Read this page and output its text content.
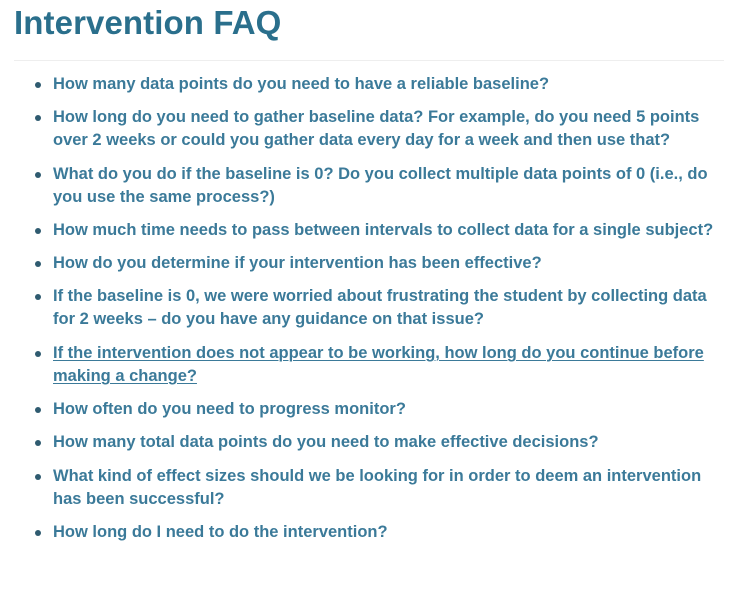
Intervention FAQ
How many data points do you need to have a reliable baseline?
How long do you need to gather baseline data? For example, do you need 5 points over 2 weeks or could you gather data every day for a week and then use that?
What do you do if the baseline is 0? Do you collect multiple data points of 0 (i.e., do you use the same process?)
How much time needs to pass between intervals to collect data for a single subject?
How do you determine if your intervention has been effective?
If the baseline is 0, we were worried about frustrating the student by collecting data for 2 weeks – do you have any guidance on that issue?
If the intervention does not appear to be working, how long do you continue before making a change?
How often do you need to progress monitor?
How many total data points do you need to make effective decisions?
What kind of effect sizes should we be looking for in order to deem an intervention has been successful?
How long do I need to do the intervention?
